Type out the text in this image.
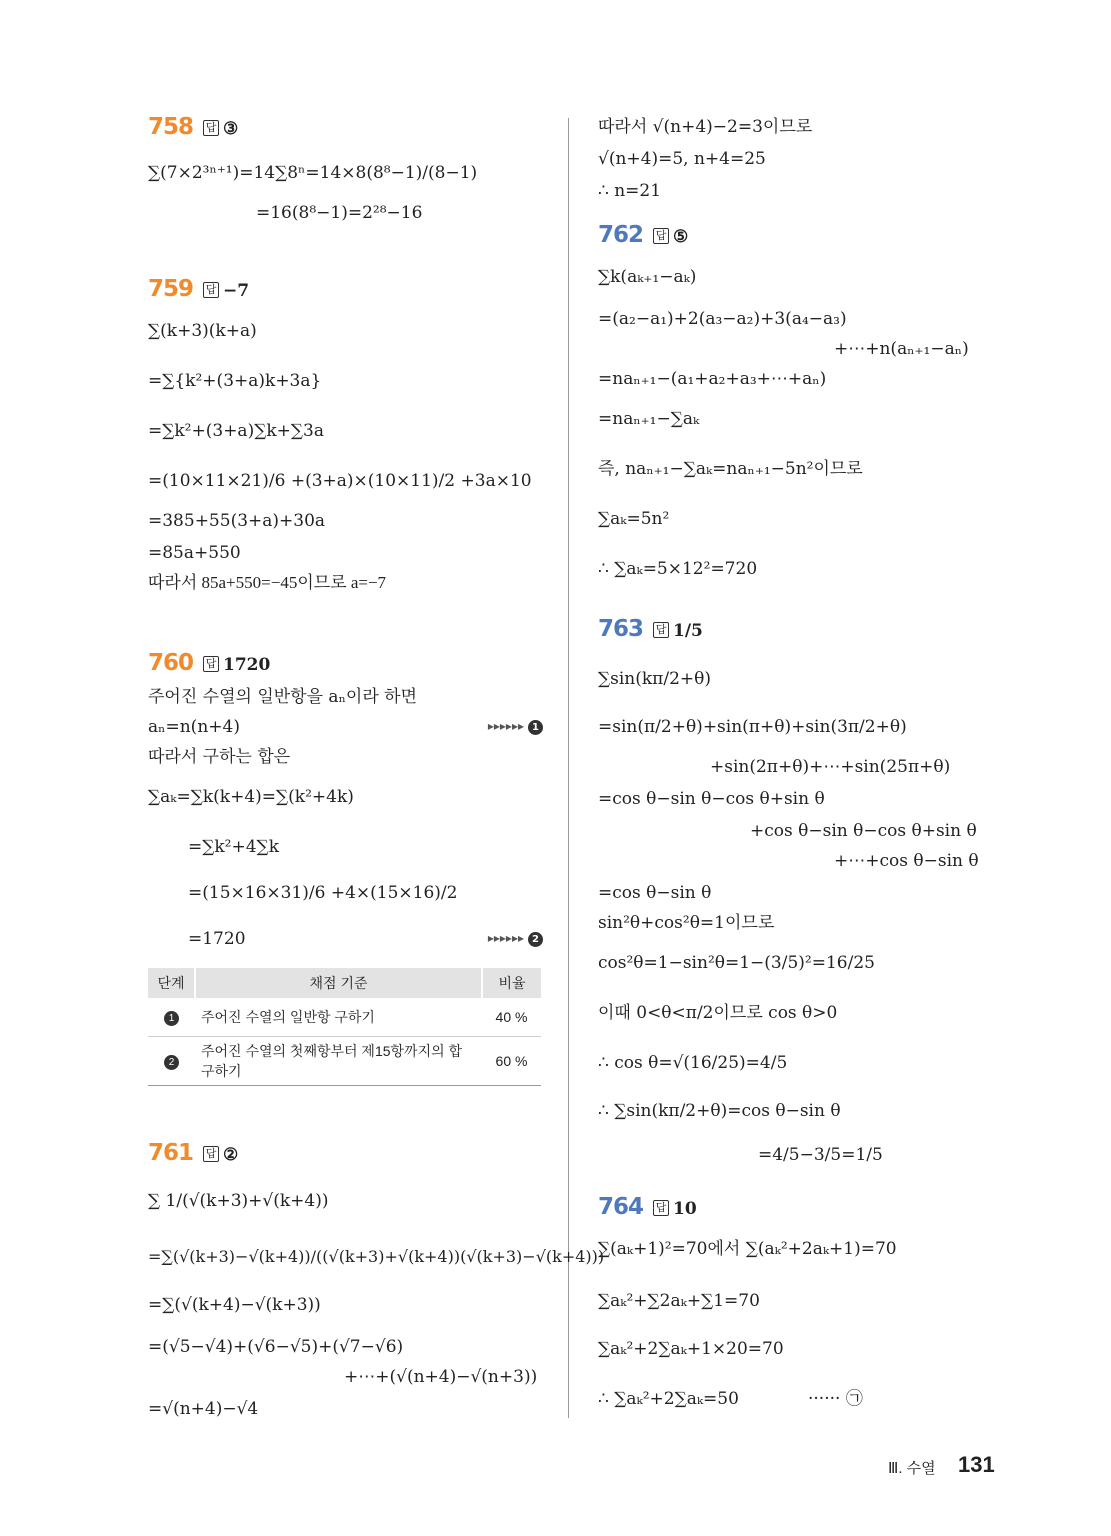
758 답 ③
∑(7×2³ⁿ⁺¹)=14∑8ⁿ=14×8(8⁸−1)/(8−1)
=16(8⁸−1)=2²⁸−16
759 답 −7
∑(k+3)(k+a)
=∑{k²+(3+a)k+3a}
=∑k²+(3+a)∑k+∑3a
=(10×11×21)/6 +(3+a)×(10×11)/2 +3a×10
=385+55(3+a)+30a
=85a+550
따라서 85a+550=−45이므로 a=−7
760 답 1720
주어진 수열의 일반항을 aₙ이라 하면
aₙ=n(n+4)	▸▸▸▸▸▸ 1
따라서 구하는 합은
∑aₖ=∑k(k+4)=∑(k²+4k)
=∑k²+4∑k
=(15×16×31)/6 +4×(15×16)/2
=1720	▸▸▸▸▸▸ 2
단계	채점 기준	비율
1	주어진 수열의 일반항 구하기	40 %
2	주어진 수열의 첫째항부터 제15항까지의 합 구하기	60 %
761 답 ②
∑ 1/(√(k+3)+√(k+4))
=∑(√(k+3)−√(k+4))/((√(k+3)+√(k+4))(√(k+3)−√(k+4)))
=∑(√(k+4)−√(k+3))
=(√5−√4)+(√6−√5)+(√7−√6)
+⋯+(√(n+4)−√(n+3))
=√(n+4)−√4
따라서 √(n+4)−2=3이므로
√(n+4)=5, n+4=25
∴ n=21
762 답 ⑤
∑k(aₖ₊₁−aₖ)
=(a₂−a₁)+2(a₃−a₂)+3(a₄−a₃)
+⋯+n(aₙ₊₁−aₙ)
=naₙ₊₁−(a₁+a₂+a₃+⋯+aₙ)
=naₙ₊₁−∑aₖ
즉, naₙ₊₁−∑aₖ=naₙ₊₁−5n²이므로
∑aₖ=5n²
∴ ∑aₖ=5×12²=720
763 답 1/5
∑sin(kπ/2+θ)
=sin(π/2+θ)+sin(π+θ)+sin(3π/2+θ)
+sin(2π+θ)+⋯+sin(25π+θ)
=cos θ−sin θ−cos θ+sin θ
+cos θ−sin θ−cos θ+sin θ
+⋯+cos θ−sin θ
=cos θ−sin θ
sin²θ+cos²θ=1이므로
cos²θ=1−sin²θ=1−(3/5)²=16/25
이때 0<θ<π/2이므로 cos θ>0
∴ cos θ=√(16/25)=4/5
∴ ∑sin(kπ/2+θ)=cos θ−sin θ
=4/5−3/5=1/5
764 답 10
∑(aₖ+1)²=70에서 ∑(aₖ²+2aₖ+1)=70
∑aₖ²+∑2aₖ+∑1=70
∑aₖ²+2∑aₖ+1×20=70
∴ ∑aₖ²+2∑aₖ=50	······ ㉠
Ⅲ. 수열 131
